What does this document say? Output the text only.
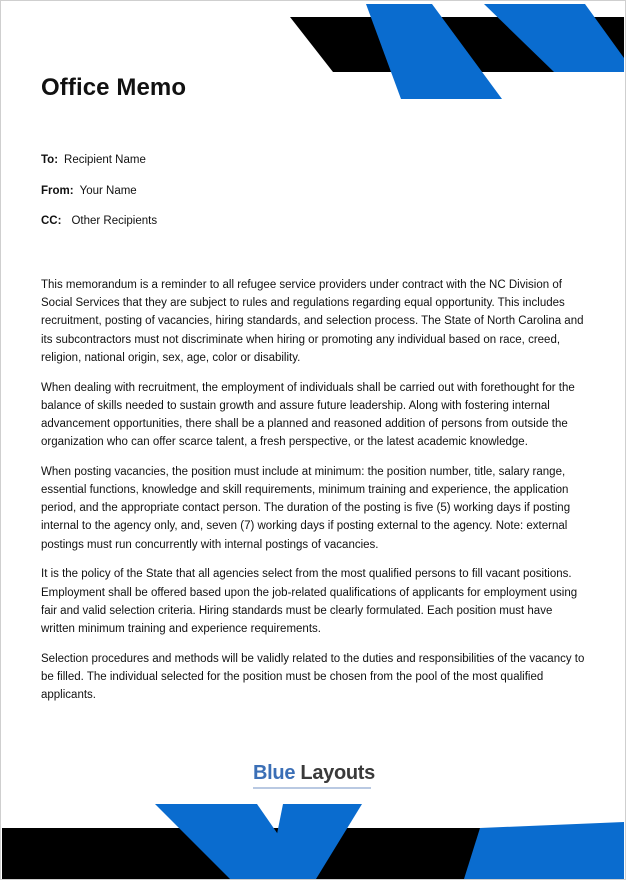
Office Memo
To: Recipient Name
From: Your Name
CC: Other Recipients

This memorandum is a reminder to all refugee service providers under contract with the NC Division of Social Services that they are subject to rules and regulations regarding equal opportunity. This includes recruitment, posting of vacancies, hiring standards, and selection process. The State of North Carolina and its subcontractors must not discriminate when hiring or promoting any individual based on race, creed, religion, national origin, sex, age, color or disability.

When dealing with recruitment, the employment of individuals shall be carried out with forethought for the balance of skills needed to sustain growth and assure future leadership. Along with fostering internal advancement opportunities, there shall be a planned and reasoned addition of persons from outside the organization who can offer scarce talent, a fresh perspective, or the latest academic knowledge.

When posting vacancies, the position must include at minimum: the position number, title, salary range, essential functions, knowledge and skill requirements, minimum training and experience, the application period, and the appropriate contact person. The duration of the posting is five (5) working days if posting internal to the agency only, and, seven (7) working days if posting external to the agency. Note: external postings must run concurrently with internal postings of vacancies.

It is the policy of the State that all agencies select from the most qualified persons to fill vacant positions. Employment shall be offered based upon the job-related qualifications of applicants for employment using fair and valid selection criteria. Hiring standards must be clearly formulated. Each position must have written minimum training and experience requirements.

Selection procedures and methods will be validly related to the duties and responsibilities of the vacancy to be filled. The individual selected for the position must be chosen from the pool of the most qualified applicants.

Blue Layouts
